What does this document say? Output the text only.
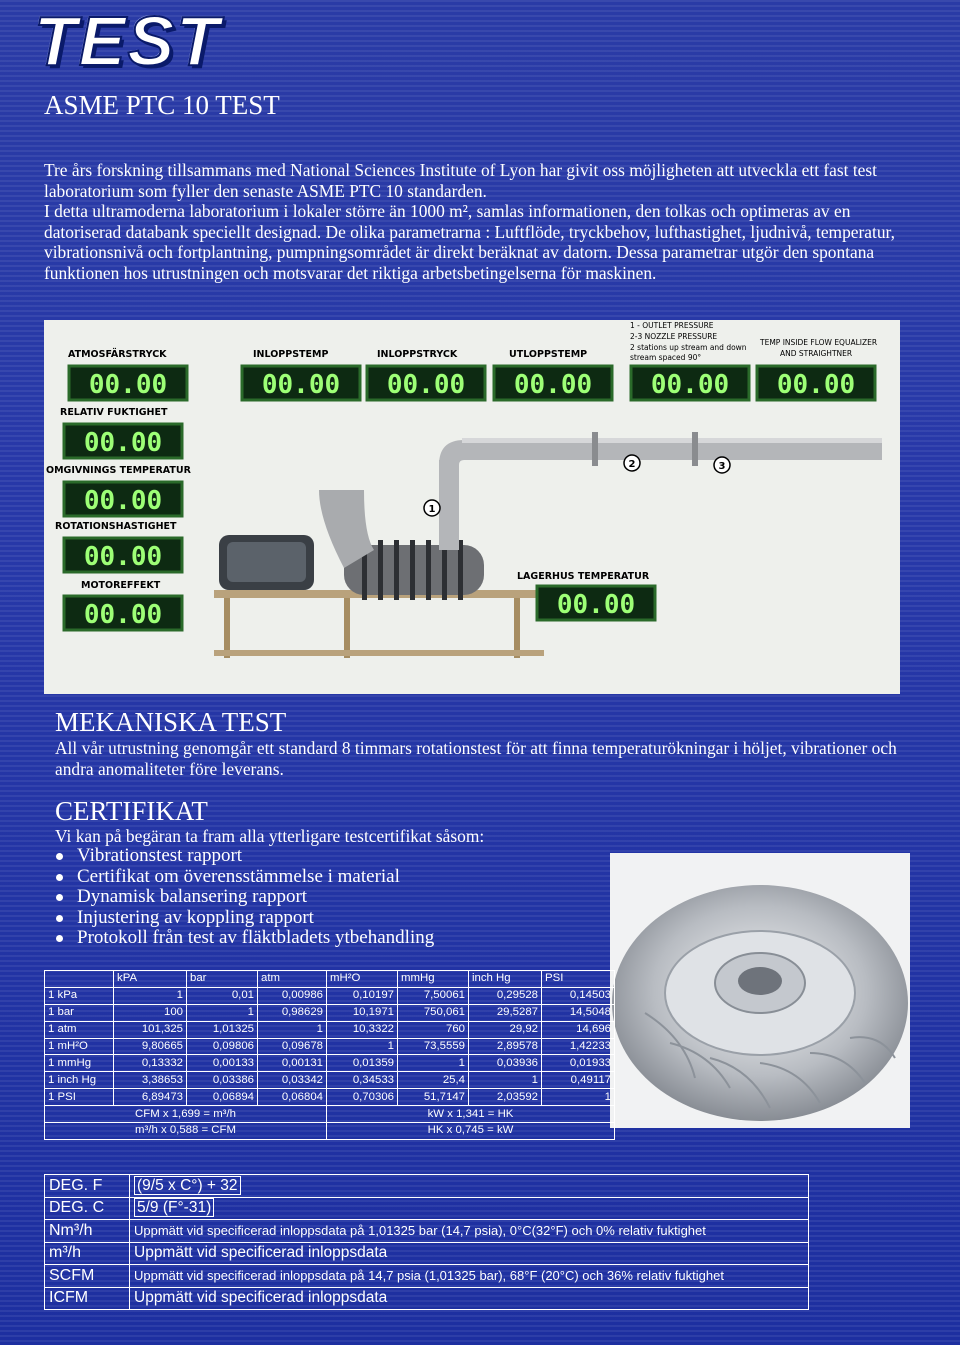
TEST
ASME PTC 10 TEST

Tre års forskning tillsammans med National Sciences Institute of Lyon har givit oss möjligheten att utveckla ett fast test laboratorium som fyller den senaste ASME PTC 10 standarden.

I detta ultramoderna laboratorium i lokaler större än 1000 m², samlas informationen, den tolkas och optimeras av en datoriserad databank speciellt designad. De olika parametrarna : Luftflöde, tryckbehov, lufthastighet, ljudnivå, temperatur, vibrationsnivå och fortplantning, pumpningsområdet är direkt beräknat av datorn. Dessa parametrar utgör den spontana funktionen hos utrustningen och motsvarar det riktiga arbetsbetingelserna för maskinen.

1
2	3
ATMOSFÄRSTRYCK
RELATIV FUKTIGHET
OMGIVNINGS TEMPERATUR
ROTATIONSHASTIGHET
MOTOREFFEKT
INLOPPSTEMP	INLOPPSTRYCK	UTLOPPSTEMP
LAGERHUS TEMPERATUR
1 - OUTLET PRESSURE
2-3 NOZZLE PRESSURE
2 stations up stream and down
stream spaced 90°
TEMP INSIDE FLOW EQUALIZER
AND STRAIGHTNER
00.00
00.00
00.00
00.00
00.00
00.00 00.00 00.00 00.00 00.00
00.00
MEKANISKA TEST
All vår utrustning genomgår ett standard 8 timmars rotationstest för att finna temperaturökningar i höljet, vibrationer och andra anomaliteter före leverans.
CERTIFIKAT
Vi kan på begäran ta fram alla ytterligare testcertifikat såsom:
Vibrationstest rapport
Certifikat om överensstämmelse i material
Dynamisk balansering rapport
Injustering av koppling rapport
Protokoll från test av fläktbladets ytbehandling
	kPA	bar	atm	mH²O	mmHg	inch Hg	PSI
1 kPa	1	0,01	0,00986	0,10197	7,50061	0,29528	0,14503
1 bar	100	1	0,98629	10,1971	750,061	29,5287	14,5048
1 atm	101,325	1,01325	1	10,3322	760	29,92	14,696
1 mH²O	9,80665	0,09806	0,09678	1	73,5559	2,89578	1,42233
1 mmHg	0,13332	0,00133	0,00131	0,01359	1	0,03936	0,01933
1 inch Hg	3,38653	0,03386	0,03342	0,34533	25,4	1	0,49117
1 PSI	6,89473	0,06894	0,06804	0,70306	51,7147	2,03592	1
CFM x 1,699 = m³/h				kW x 1,341 = HK			
m³/h x 0,588 = CFM				HK x 0,745 = kW			
DEG. F	(9/5 x C°) + 32
DEG. C	5/9 (F°-31)
Nm³/h	Uppmätt vid specificerad inloppsdata på 1,01325 bar (14,7 psia), 0°C(32°F) och 0% relativ fuktighet
m³/h	Uppmätt vid specificerad inloppsdata
SCFM	Uppmätt vid specificerad inloppsdata på 14,7 psia (1,01325 bar), 68°F (20°C) och 36% relativ fuktighet
ICFM	Uppmätt vid specificerad inloppsdata
